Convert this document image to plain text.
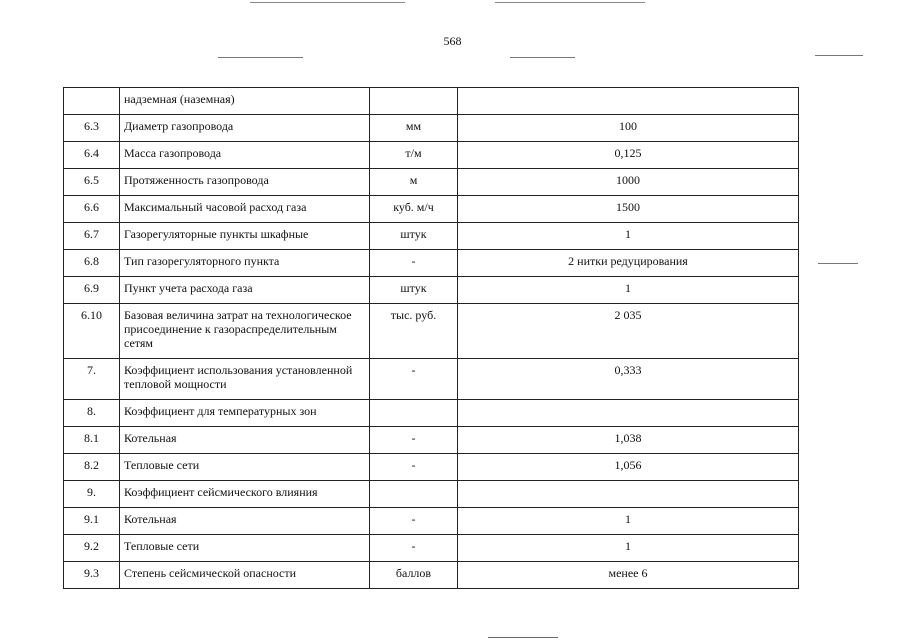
568
	надземная (наземная)		
6.3	Диаметр газопровода	мм	100
6.4	Масса газопровода	т/м	0,125
6.5	Протяженность газопровода	м	1000
6.6	Максимальный часовой расход газа	куб. м/ч	1500
6.7	Газорегуляторные пункты шкафные	штук	1
6.8	Тип газорегуляторного пункта	-	2 нитки редуцирования
6.9	Пункт учета расхода газа	штук	1
6.10	Базовая величина затрат на технологическое присоединение к газораспределительным сетям	тыс. руб.	2 035
7.	Коэффициент использования установленной тепловой мощности	-	0,333
8.	Коэффициент для температурных зон		
8.1	Котельная	-	1,038
8.2	Тепловые сети	-	1,056
9.	Коэффициент сейсмического влияния		
9.1	Котельная	-	1
9.2	Тепловые сети	-	1
9.3	Степень сейсмической опасности	баллов	менее 6
